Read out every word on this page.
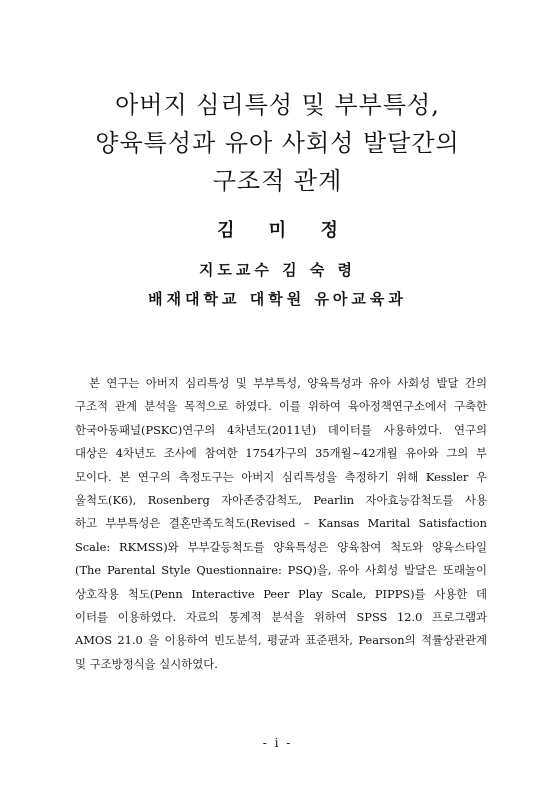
아버지 심리특성 및 부부특성,
양육특성과 유아 사회성 발달간의
구조적 관계
김 미 정
지도교수 김 숙 령
배재대학교 대학원 유아교육과
본 연구는 아버지 심리특성 및 부부특성, 양육특성과 유아 사회성 발달 간의
구조적 관계 분석을 목적으로 하였다. 이를 위하여 육아정책연구소에서 구축한
한국아동패널(PSKC)연구의 4차년도(2011년) 데이터를 사용하였다. 연구의
대상은 4차년도 조사에 참여한 1754가구의 35개월~42개월 유아와 그의 부
모이다. 본 연구의 측정도구는 아버지 심리특성을 측정하기 위해 Kessler 우
울척도(K6), Rosenberg 자아존중감척도, Pearlin 자아효능감척도를 사용
하고 부부특성은 결혼만족도척도(Revised – Kansas Marital Satisfaction
Scale: RKMSS)와 부부갈등척도를 양육특성은 양육참여 척도와 양육스타일
(The Parental Style Questionnaire: PSQ)을, 유아 사회성 발달은 또래놀이
상호작용 척도(Penn Interactive Peer Play Scale, PIPPS)를 사용한 데
이터를 이용하였다. 자료의 통계적 분석을 위하여 SPSS 12.0 프로그램과
AMOS 21.0 을 이용하여 빈도분석, 평균과 표준편차, Pearson의 적률상관관계
및 구조방정식을 실시하였다.
- i -
